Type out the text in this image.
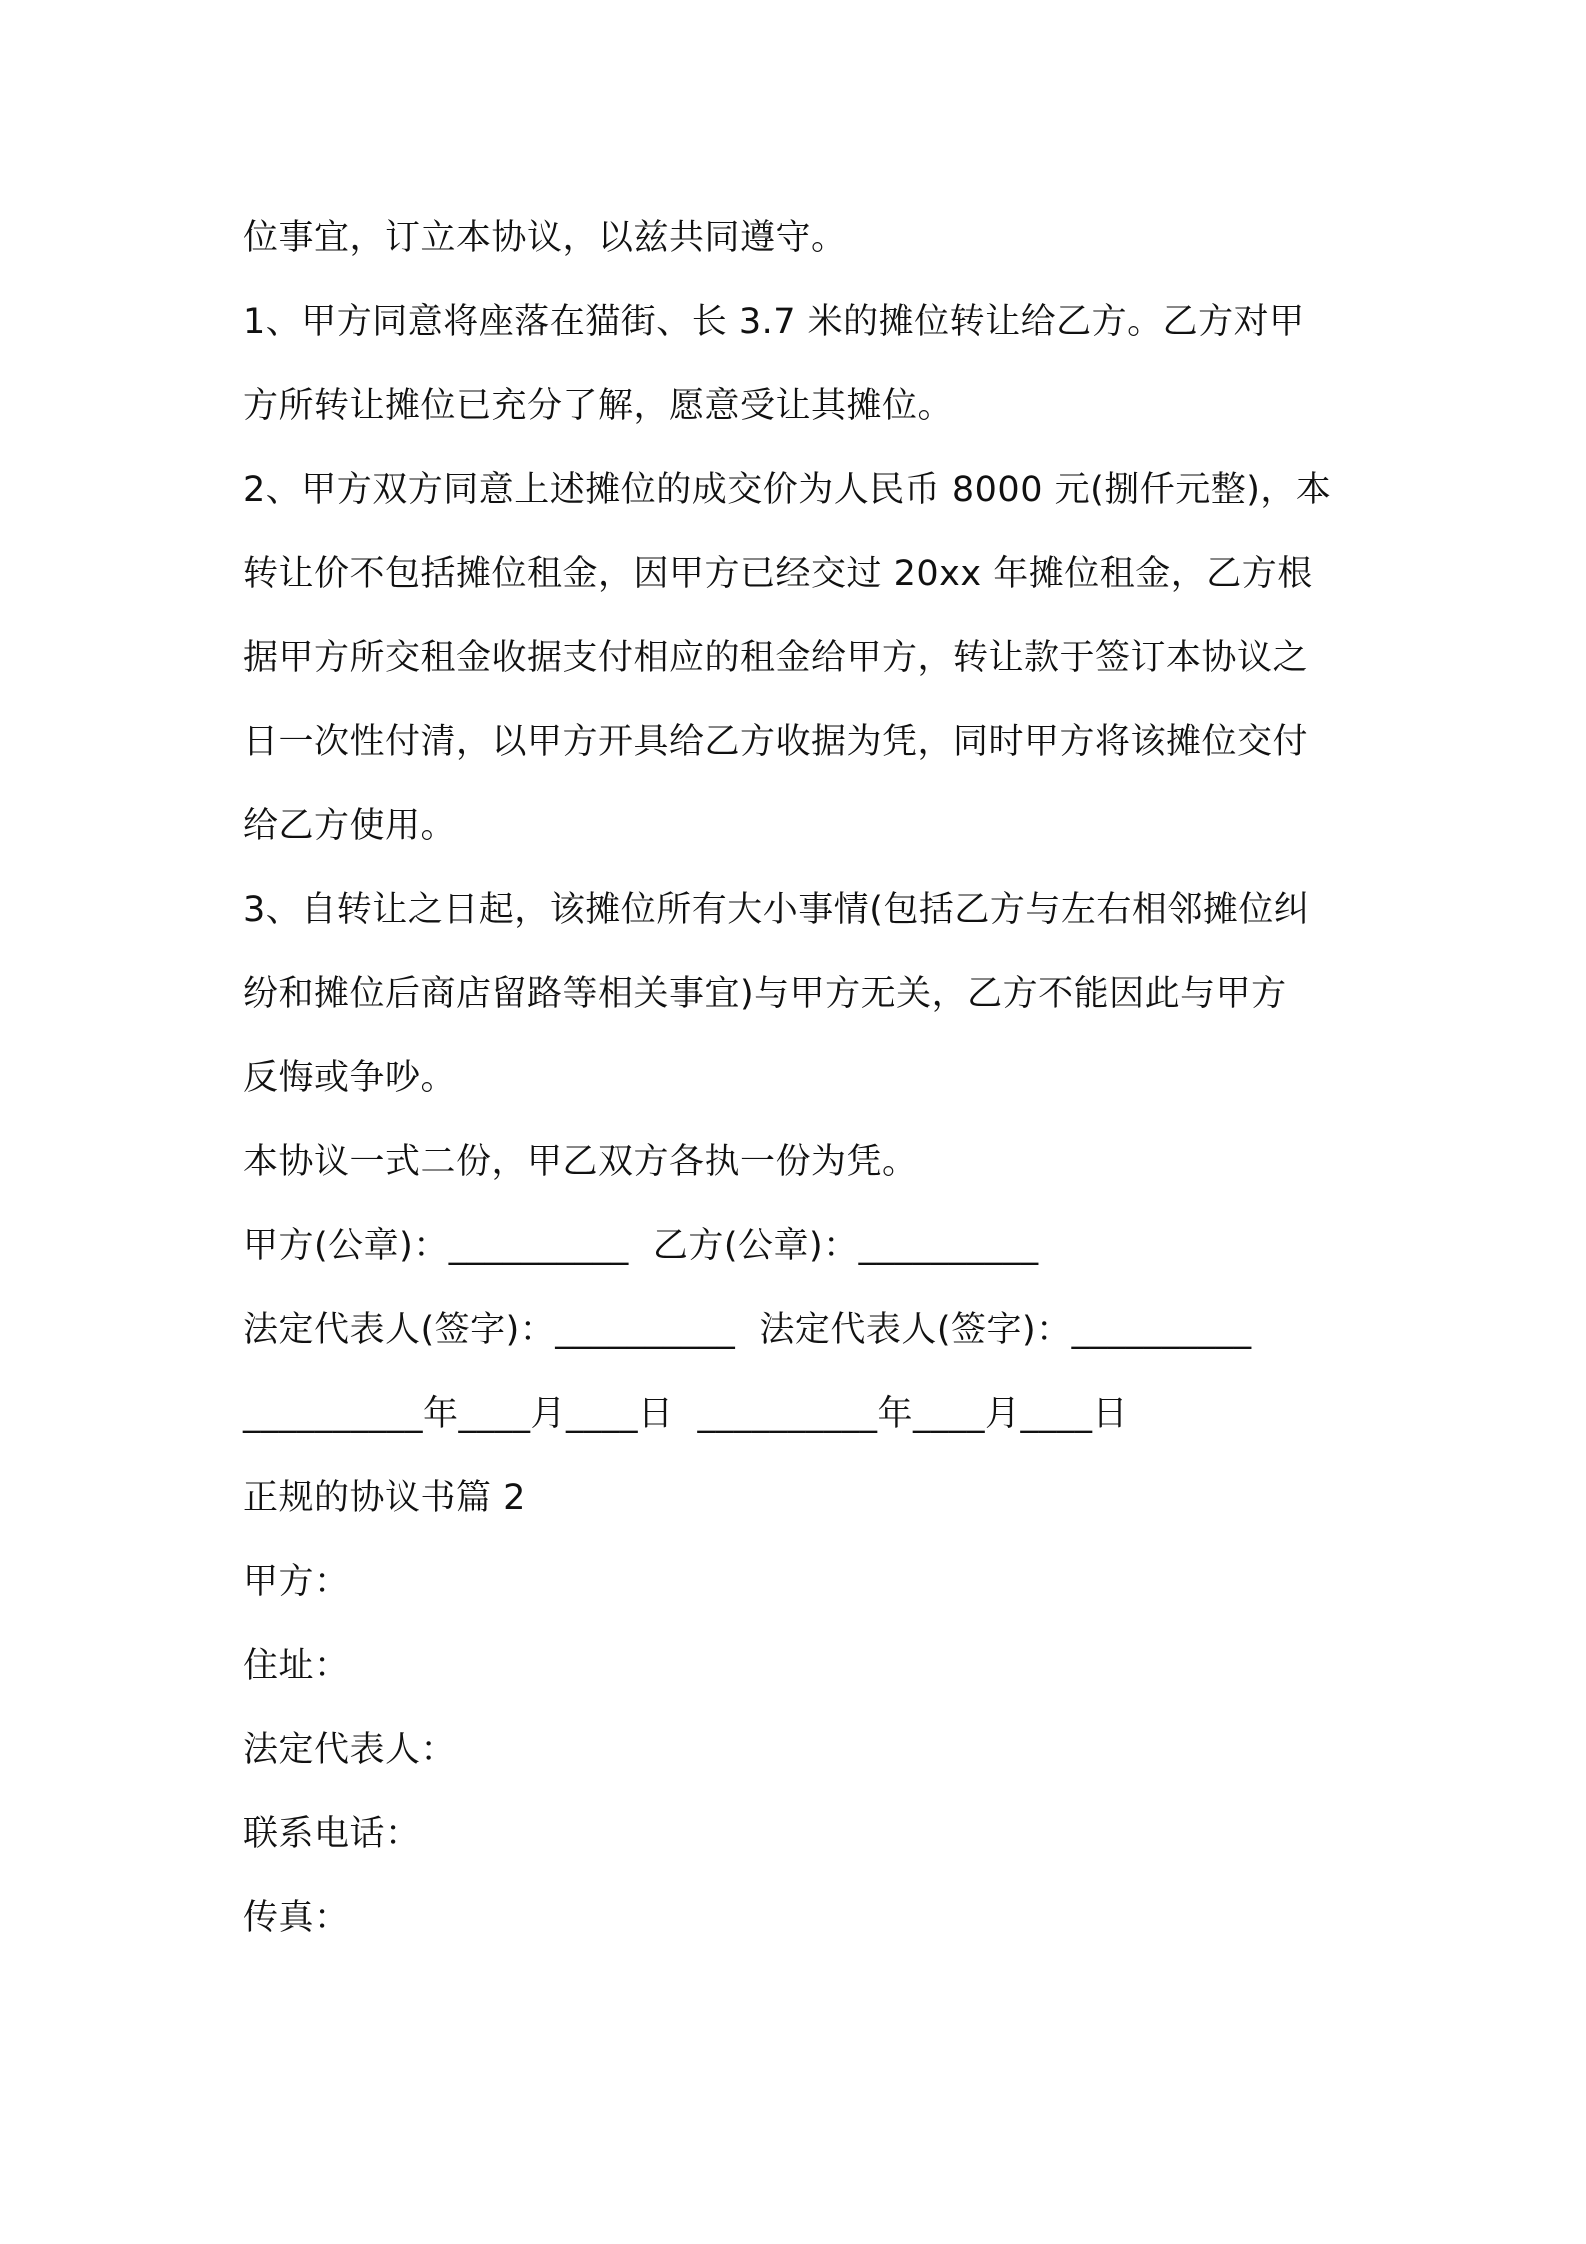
位事宜，订立本协议，以兹共同遵守。
1、甲方同意将座落在猫街、长 3.7 米的摊位转让给乙方。乙方对甲
方所转让摊位已充分了解，愿意受让其摊位。
2、甲方双方同意上述摊位的成交价为人民币 8000 元(捌仟元整)，本
转让价不包括摊位租金，因甲方已经交过 20xx 年摊位租金，乙方根
据甲方所交租金收据支付相应的租金给甲方，转让款于签订本协议之
日一次性付清，以甲方开具给乙方收据为凭，同时甲方将该摊位交付
给乙方使用。
3、自转让之日起，该摊位所有大小事情(包括乙方与左右相邻摊位纠
纷和摊位后商店留路等相关事宜)与甲方无关，乙方不能因此与甲方
反悔或争吵。
本协议一式二份，甲乙双方各执一份为凭。
甲方(公章)：__________ 乙方(公章)：__________
法定代表人(签字)：__________ 法定代表人(签字)：__________
__________年____月____日 __________年____月____日
正规的协议书篇 2
甲方：
住址：
法定代表人：
联系电话：
传真：
